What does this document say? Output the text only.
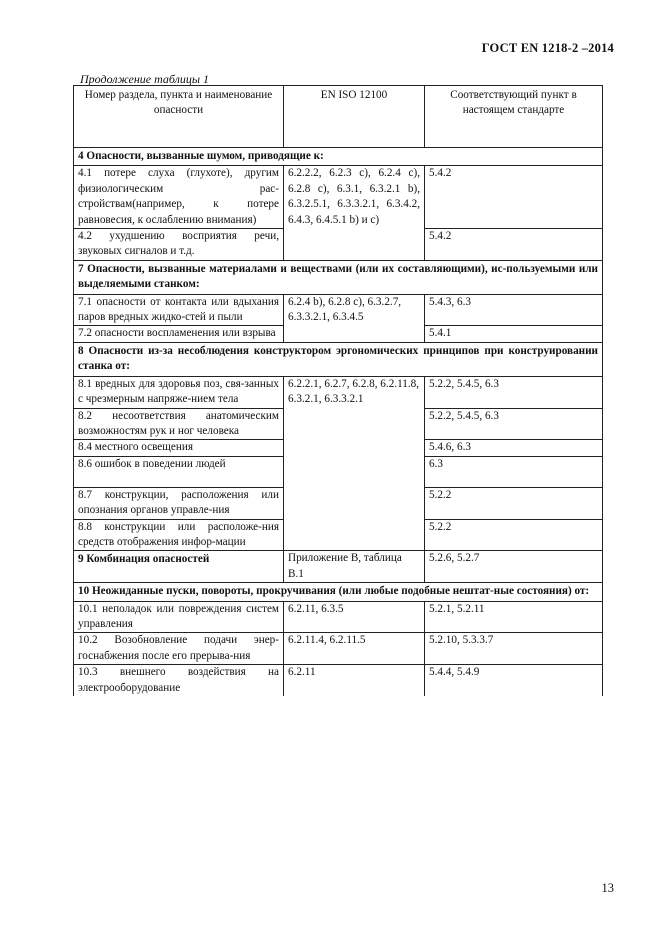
ГОСТ EN 1218-2 –2014
Продолжение таблицы 1
Номер раздела, пункта и наименование опасности	EN ISO 12100	Соответствующий пункт в настоящем стандарте
4 Опасности, вызванные шумом, приводящие к:		
4.1 потере слуха (глухоте), другим физиологическим рас-стройствам(например, к потере равновесия, к ослаблению внимания)	6.2.2.2, 6.2.3 c), 6.2.4 c), 6.2.8 c), 6.3.1, 6.3.2.1 b), 6.3.2.5.1, 6.3.3.2.1, 6.3.4.2, 6.4.3, 6.4.5.1 b) и c)	5.4.2
4.2 ухудшению восприятия речи, звуковых сигналов и т.д.		5.4.2
7 Опасности, вызванные материалами и веществами (или их составляющими), ис-пользуемыми или выделяемыми станком:		
7.1 опасности от контакта или вдыхания паров вредных жидко-стей и пыли	6.2.4 b), 6.2.8 c), 6.3.2.7, 6.3.3.2.1, 6.3.4.5	5.4.3, 6.3
7.2 опасности воспламенения или взрыва		5.4.1
8 Опасности из-за несоблюдения конструктором эргономических принципов при конструировании станка от:		
8.1 вредных для здоровья поз, свя-занных с чрезмерным напряже-нием тела	6.2.2.1, 6.2.7, 6.2.8, 6.2.11.8, 6.3.2.1, 6.3.3.2.1	5.2.2, 5.4.5, 6.3
8.2 несоответствия анатомическим возможностям рук и ног человека		5.2.2, 5.4.5, 6.3
8.4 местного освещения		5.4.6, 6.3
8.6 ошибок в поведении людей		6.3
8.7 конструкции, расположения или опознания органов управле-ния		5.2.2
8.8 конструкции или расположе-ния средств отображения инфор-мации		5.2.2
9 Комбинация опасностей	Приложение В, таблица В.1	5.2.6, 5.2.7
10 Неожиданные пуски, повороты, прокручивания (или любые подобные нештат-ные состояния) от:		
10.1 неполадок или повреждения систем управления	6.2.11, 6.3.5	5.2.1, 5.2.11
10.2 Возобновление подачи энер-госнабжения после его прерыва-ния	6.2.11.4, 6.2.11.5	5.2.10, 5.3.3.7
10.3 внешнего воздействия на электрооборудование	6.2.11	5.4.4, 5.4.9
13
